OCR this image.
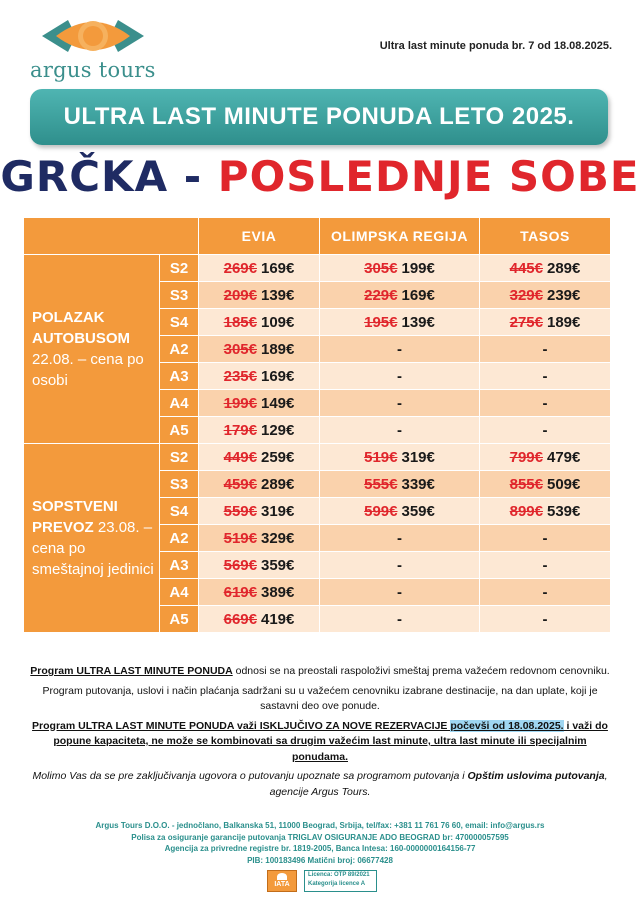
argus tours
Ultra last minute ponuda br. 7 od 18.08.2025.
ULTRA LAST MINUTE PONUDA LETO 2025.
GRČKA - POSLEDNJE SOBE
		EVIA	OLIMPSKA REGIJA	TASOS
POLAZAK AUTOBUSOM 22.08. – cena po osobi	S2	269€ 169€	305€ 199€	445€ 289€
	S3	209€ 139€	229€ 169€	329€ 239€
	S4	185€ 109€	195€ 139€	275€ 189€
	A2	305€ 189€	-	-
	A3	235€ 169€	-	-
	A4	199€ 149€	-	-
	A5	179€ 129€	-	-
SOPSTVENI PREVOZ 23.08. – cena po smeštajnoj jedinici	S2	449€ 259€	519€ 319€	799€ 479€
	S3	459€ 289€	555€ 339€	855€ 509€
	S4	559€ 319€	599€ 359€	899€ 539€
	A2	519€ 329€	-	-
	A3	569€ 359€	-	-
	A4	619€ 389€	-	-
	A5	669€ 419€	-	-

Program ULTRA LAST MINUTE PONUDA odnosi se na preostali raspoloživi smeštaj prema važećem redovnom cenovniku.

Program putovanja, uslovi i način plaćanja sadržani su u važećem cenovniku izabrane destinacije, na dan uplate, koji je sastavni deo ove ponude.

Program ULTRA LAST MINUTE PONUDA važi ISKLJUČIVO ZA NOVE REZERVACIJE počevši od 18.08.2025. i važi do popune kapaciteta, ne može se kombinovati sa drugim važećim last minute, ultra last minute ili specijalnim ponudama.

Molimo Vas da se pre zaključivanja ugovora o putovanju upoznate sa programom putovanja i Opštim uslovima putovanja, agencije Argus Tours.

Argus Tours D.O.O. - jednočlano, Balkanska 51, 11000 Beograd, Srbija, tel/fax: +381 11 761 76 60, email: info@argus.rs

Polisa za osiguranje garancije putovanja TRIGLAV OSIGURANJE ADO BEOGRAD br: 470000057595

Agencija za privredne registre br. 1819-2005, Banca Intesa: 160-0000000164156-77

PIB: 100183496 Matični broj: 06677428

IATA
Licenca: OTP 89/2021
Kategorija licence A
